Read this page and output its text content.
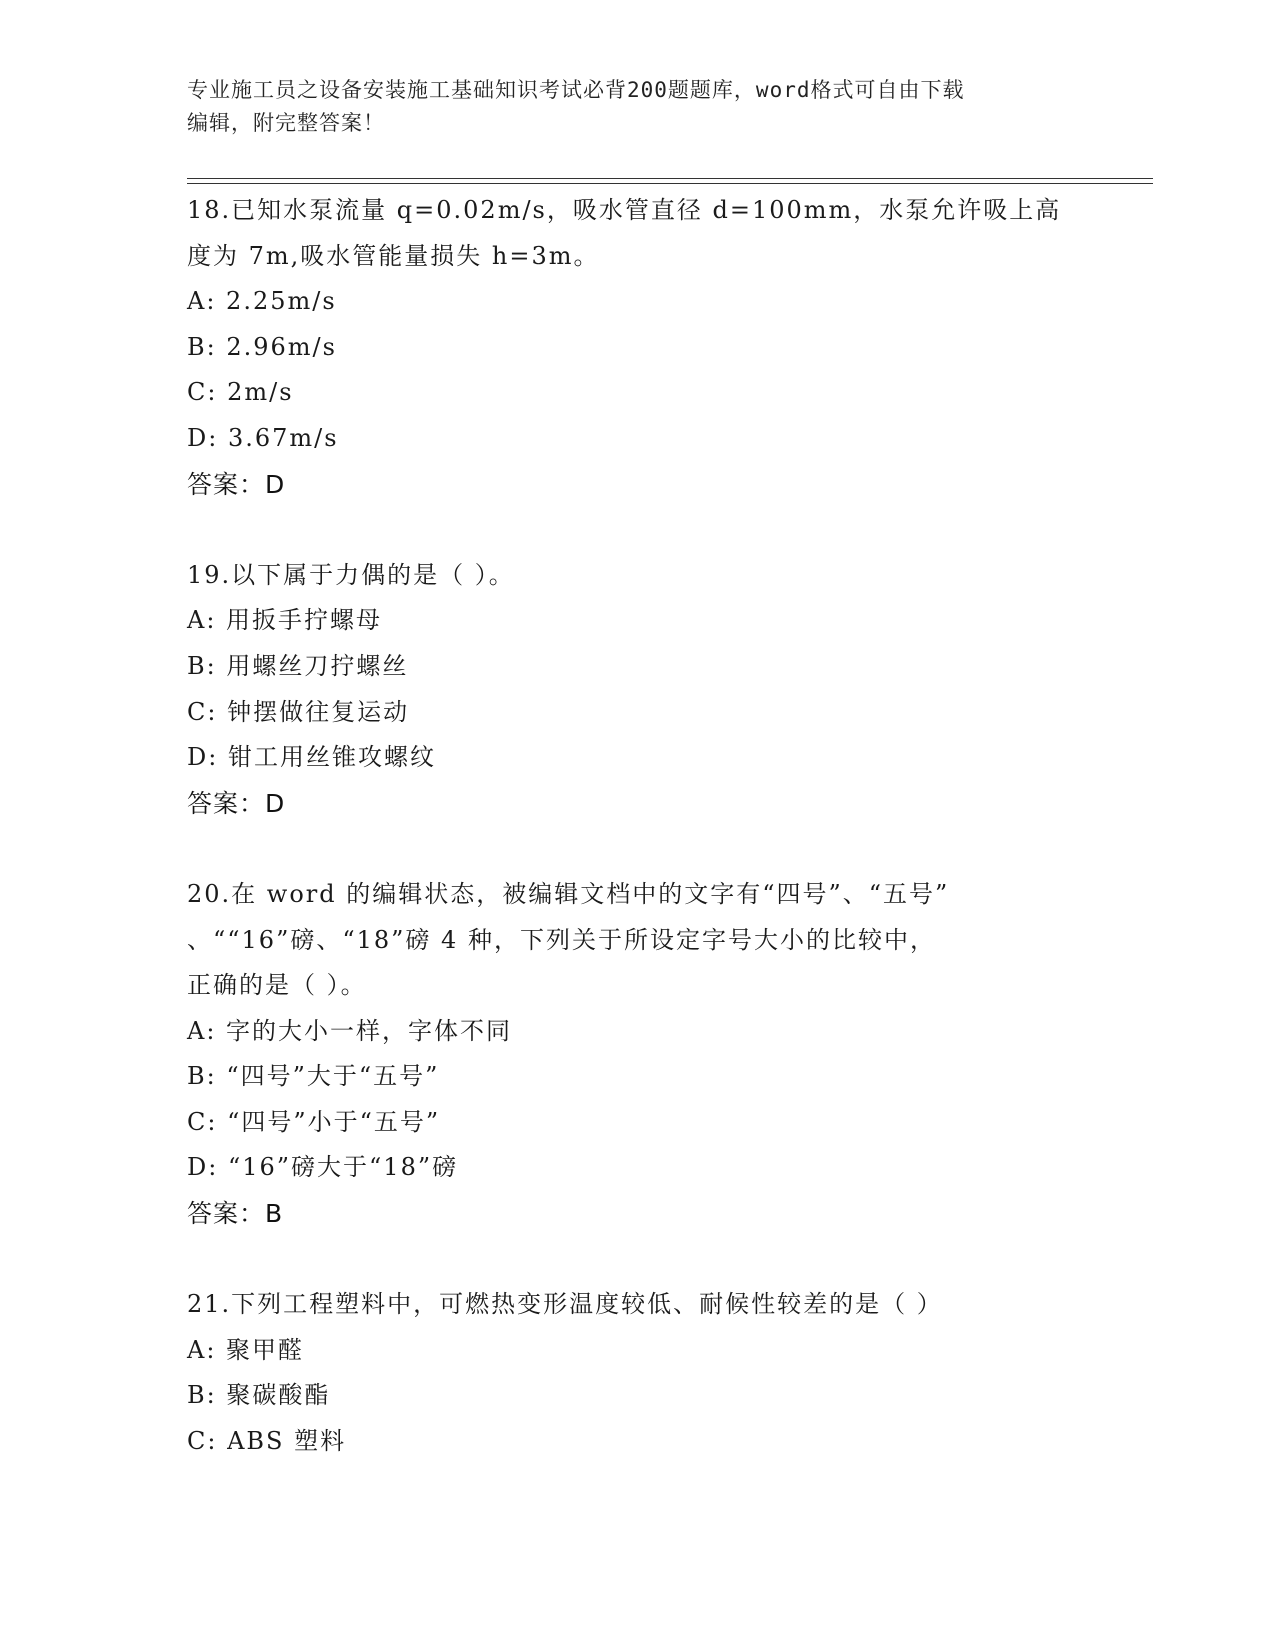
专业施工员之设备安装施工基础知识考试必背200题题库，word格式可自由下载
编辑，附完整答案！
18.已知水泵流量 q=0.02m/s，吸水管直径 d=100mm，水泵允许吸上高
度为 7m,吸水管能量损失 h=3m。
A: 2.25m/s
B: 2.96m/s
C: 2m/s
D: 3.67m/s
答案：D
19.以下属于力偶的是（ ）。
A: 用扳手拧螺母
B: 用螺丝刀拧螺丝
C: 钟摆做往复运动
D: 钳工用丝锥攻螺纹
答案：D
20.在 word 的编辑状态，被编辑文档中的文字有“四号”、“五号”
、““16”磅、“18”磅 4 种，下列关于所设定字号大小的比较中，
正确的是（ ）。
A: 字的大小一样，字体不同
B: “四号”大于“五号”
C: “四号”小于“五号”
D: “16”磅大于“18”磅
答案：B
21.下列工程塑料中，可燃热变形温度较低、耐候性较差的是（ ）
A: 聚甲醛
B: 聚碳酸酯
C: ABS 塑料
